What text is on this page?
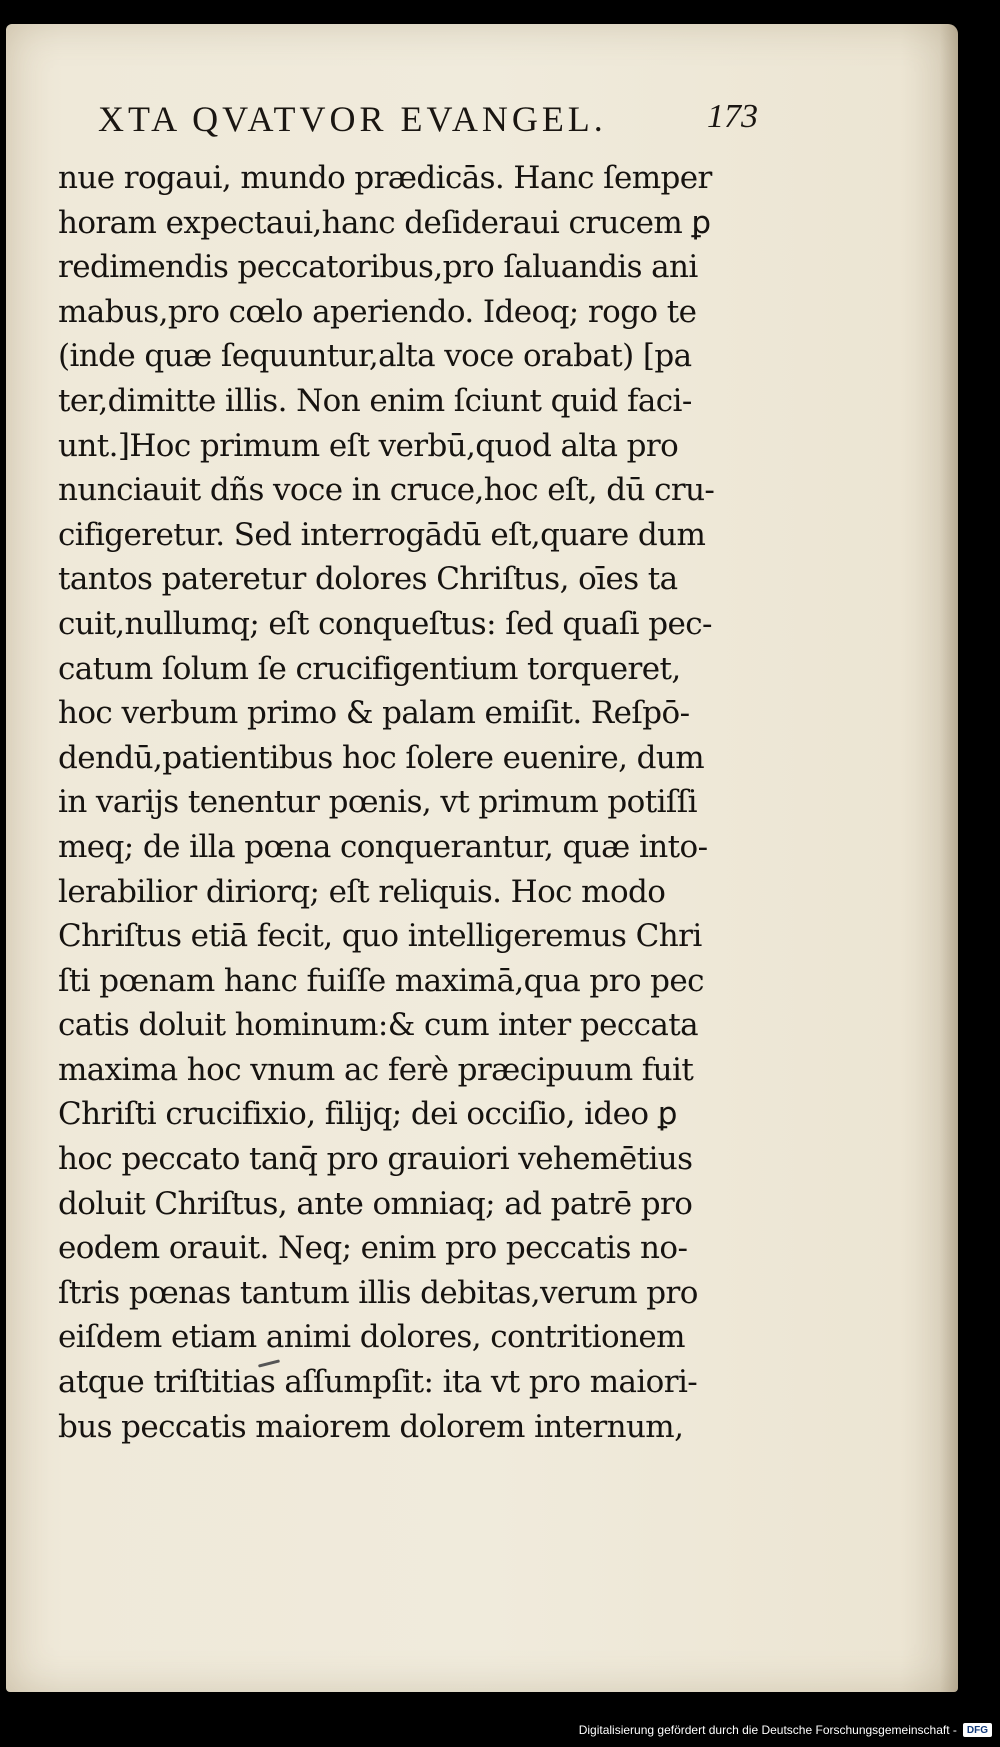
XTA QVATVOR EVANGEL.	173
nue rogaui, mundo prædicās. Hanc ſemper
horam expectaui,hanc deſideraui crucem ꝑ
redimendis peccatoribus,pro ſaluandis ani
mabus,pro cœlo aperiendo. Ideoq; rogo te
(inde quæ ſequuntur,alta voce orabat) [pa
ter,dimitte illis. Non enim ſciunt quid faci-
unt.]Hoc primum eſt verbū,quod alta pro
nunciauit dñs voce in cruce,hoc eſt, dū cru-
cifigeretur. Sed interrogādū eſt,quare dum
tantos pateretur dolores Chriſtus, oīes ta
cuit,nullumq; eſt conqueſtus: ſed quaſi pec-
catum ſolum ſe crucifigentium torqueret,
hoc verbum primo & palam emiſit. Reſpō-
dendū,patientibus hoc ſolere euenire, dum
in varijs tenentur pœnis, vt primum potiſſi
meq; de illa pœna conquerantur, quæ into-
lerabilior diriorq; eſt reliquis. Hoc modo
Chriſtus etiā fecit, quo intelligeremus Chri
ſti pœnam hanc fuiſſe maximā,qua pro pec
catis doluit hominum:& cum inter peccata
maxima hoc vnum ac ferè præcipuum fuit
Chriſti crucifixio, filijq; dei occiſio, ideo ꝑ
hoc peccato tanq̄ pro grauiori vehemētius
doluit Chriſtus, ante omniaq; ad patrē pro
eodem orauit. Neq; enim pro peccatis no-
ſtris pœnas tantum illis debitas,verum pro
eiſdem etiam animi dolores, contritionem
atque triſtitias aſſumpſit: ita vt pro maiori-
bus peccatis maiorem dolorem internum,
Digitalisierung gefördert durch die Deutsche Forschungsgemeinschaft -	DFG
